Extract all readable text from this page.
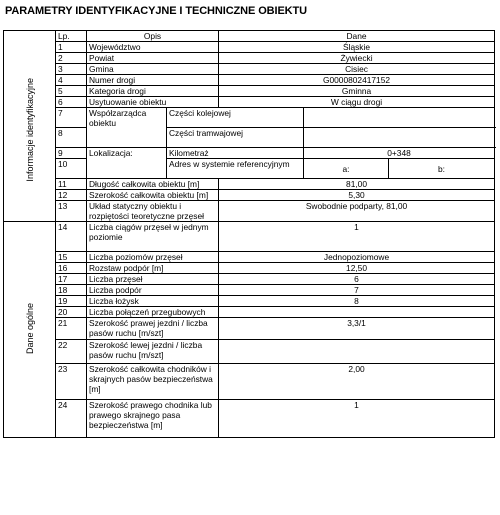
PARAMETRY IDENTYFIKACYJNE I TECHNICZNE OBIEKTU
	Lp.	Opis		Dane			
Informacje identyfikacyjne	1	Województwo		Śląskie			
	2	Powiat		Żywiecki			
	3	Gmina		Cisiec			
	4	Numer drogi		G0000802417152			
	5	Kategoria drogi		Gminna			
	6	Usytuowanie obiektu		W ciągu drogi			
	7	Współzarządca obiektu	Części kolejowej				
	8		Części tramwajowej				
	9	Lokalizacja:	Kilometraż		0+348		
	10		Adres w systemie referencyjnym		a:	b:	
	11	Długość całkowita obiektu [m]		81,00			
	12	Szerokość całkowita obiektu [m]		5,30			
	13	Układ statyczny obiektu i rozpiętości teoretyczne przęseł		Swobodnie podparty, 81,00			
Dane ogólne	14	Liczba ciągów przęseł w jednym poziomie		1			
	15	Liczba poziomów przęseł		Jednopoziomowe			
	16	Rozstaw podpór [m]		12,50			
	17	Liczba przęseł		6			
	18	Liczba podpór		7			
	19	Liczba łożysk		8			
	20	Liczba połączeń przegubowych					
	21	Szerokość prawej jezdni / liczba pasów ruchu [m/szt]		3,3/1			
	22	Szerokość lewej jezdni / liczba pasów ruchu [m/szt]					
	23	Szerokość całkowita chodników i skrajnych pasów bezpieczeństwa [m]		2,00			
	24	Szerokość prawego chodnika lub prawego skrajnego pasa bezpieczeństwa [m]		1			
